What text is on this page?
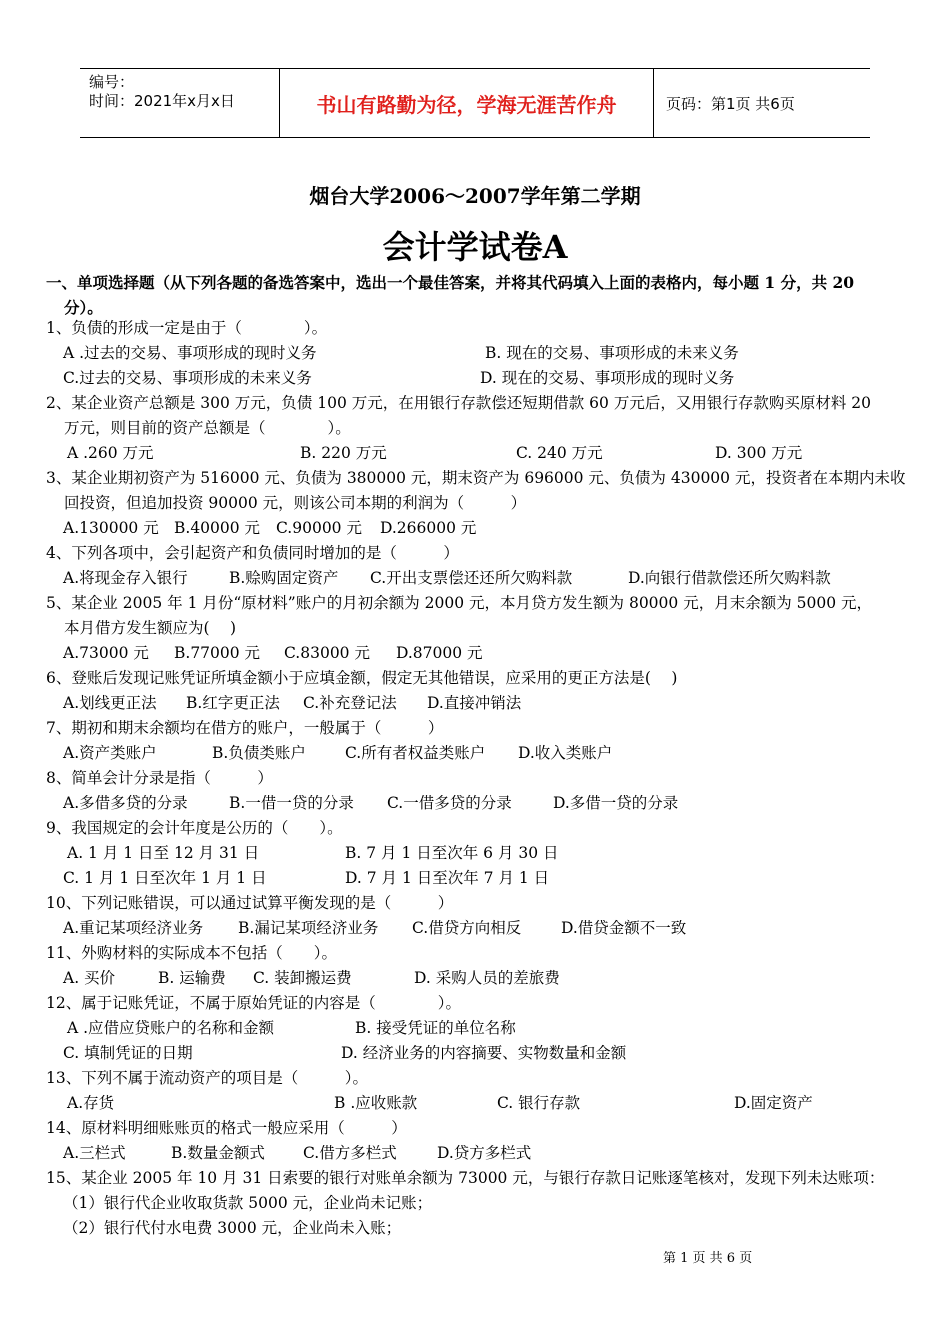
编号：
时间：2021年x月x日	书山有路勤为径，学海无涯苦作舟	页码：第1页 共6页
烟台大学2006～2007学年第二学期
会计学试卷A
一、单项选择题（从下列各题的备选答案中，选出一个最佳答案，并将其代码填入上面的表格内，每小题 1 分，共 20
分）。
1、负债的形成一定是由于（　　　　）。
A .过去的交易、事项形成的现时义务	B. 现在的交易、事项形成的未来义务
C.过去的交易、事项形成的未来义务	D. 现在的交易、事项形成的现时义务
2、某企业资产总额是 300 万元，负债 100 万元，在用银行存款偿还短期借款 60 万元后，又用银行存款购买原材料 20
万元，则目前的资产总额是（　　　　）。
A .260 万元	B. 220 万元	C. 240 万元	D. 300 万元
3、某企业期初资产为 516000 元、负债为 380000 元，期末资产为 696000 元、负债为 430000 元，投资者在本期内未收
回投资，但追加投资 90000 元，则该公司本期的利润为（　　　）
A.130000 元 B.40000 元 C.90000 元 D.266000 元
4、下列各项中，会引起资产和负债同时增加的是（　　　）
A.将现金存入银行	B.赊购固定资产 C.开出支票偿还还所欠购料款	D.向银行借款偿还所欠购料款
5、某企业 2005 年 1 月份“原材料”账户的月初余额为 2000 元，本月贷方发生额为 80000 元，月末余额为 5000 元，
本月借方发生额应为(　 )
A.73000 元 B.77000 元 C.83000 元 D.87000 元
6、登账后发现记账凭证所填金额小于应填金额，假定无其他错误，应采用的更正方法是(　 )
A.划线更正法 B.红字更正法 C.补充登记法 D.直接冲销法
7、期初和期末余额均在借方的账户，一般属于（　　　）
A.资产类账户	B.负债类账户	C.所有者权益类账户 D.收入类账户
8、简单会计分录是指（　　　）
A.多借多贷的分录	B.一借一贷的分录 C.一借多贷的分录	D.多借一贷的分录
9、我国规定的会计年度是公历的（　　）。
A. 1 月 1 日至 12 月 31 日	B. 7 月 1 日至次年 6 月 30 日
C. 1 月 1 日至次年 1 月 1 日	D. 7 月 1 日至次年 7 月 1 日
10、下列记账错误，可以通过试算平衡发现的是（　　　）
A.重记某项经济业务 B.漏记某项经济业务 C.借贷方向相反	D.借贷金额不一致
11、外购材料的实际成本不包括（　　）。
A. 买价	B. 运输费 C. 装卸搬运费	D. 采购人员的差旅费
12、属于记账凭证，不属于原始凭证的内容是（　　　　）。
A .应借应贷账户的名称和金额	B. 接受凭证的单位名称
C. 填制凭证的日期	D. 经济业务的内容摘要、实物数量和金额
13、下列不属于流动资产的项目是（　　　）。
A.存货	B .应收账款	C. 银行存款	D.固定资产
14、原材料明细账账页的格式一般应采用（　　　）
A.三栏式	B.数量金额式 C.借方多栏式	D.贷方多栏式
15、某企业 2005 年 10 月 31 日索要的银行对账单余额为 73000 元，与银行存款日记账逐笔核对，发现下列未达账项：
（1）银行代企业收取货款 5000 元，企业尚未记账；
（2）银行代付水电费 3000 元，企业尚未入账；
第 1 页 共 6 页
